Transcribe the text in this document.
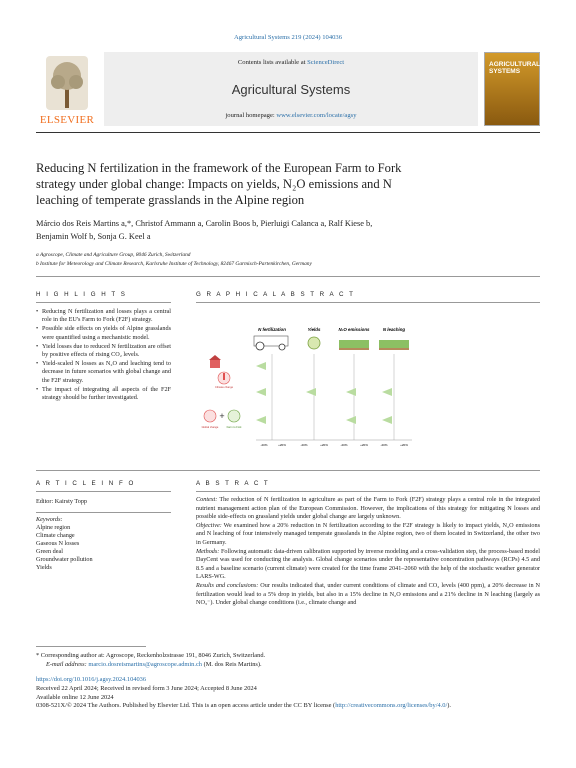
Agricultural Systems 219 (2024) 104036
ELSEVIER
Contents lists available at ScienceDirect
Agricultural Systems
journal homepage: www.elsevier.com/locate/agsy
AGRICULTURAL SYSTEMS
Reducing N fertilization in the framework of the European Farm to Fork
strategy under global change: Impacts on yields, N₂O emissions and N
leaching of temperate grasslands in the Alpine region
Márcio dos Reis Martins a,*, Christof Ammann a, Carolin Boos b, Pierluigi Calanca a, Ralf Kiese b,
Benjamin Wolf b, Sonja G. Keel a
a Agroscope, Climate and Agriculture Group, 8046 Zurich, Switzerland
b Institute for Meteorology and Climate Research, Karlsruhe Institute of Technology, 82467 Garmisch-Partenkirchen, Germany
H I G H L I G H T S
• Reducing N fertilization and losses plays a central role in the EU's Farm to Fork (F2F) strategy.
• Possible side effects on yields of Alpine grasslands were quantified using a mechanistic model.
• Yield losses due to reduced N fertilization are offset by positive effects of rising CO₂ levels.
• Yield-scaled N losses as N₂O and leaching tend to decrease in future scenarios with global change and the F2F strategy.
• The impact of integrating all aspects of the F2F strategy should be further investigated.
G R A P H I C A L A B S T R A C T
N fertilization	Yields	N₂O emissions	N leaching
Climate change
+
Global change	Farm to Fork
-20%	+20%	-20%	+20%	-20%	+20%	-20%	+20%
A R T I C L E I N F O
Editor: Kairsty Topp
Keywords:
Alpine region
Climate change
Gaseous N losses
Green deal
Groundwater pollution
Yields
A B S T R A C T
Context: The reduction of N fertilization in agriculture as part of the Farm to Fork (F2F) strategy plays a central role in the integrated nutrient management action plan of the European Commission. However, the implications of this strategy for mitigating N losses and possible side-effects on grassland yields under global change are largely unknown.
Objective: We examined how a 20% reduction in N fertilization according to the F2F strategy is likely to impact yields, N₂O emissions and N leaching of four intensively managed temperate grasslands in the Alpine region, two of them located in Switzerland, the other two in Germany.
Methods: Following automatic data-driven calibration supported by inverse modeling and a cross-validation step, the process-based model DayCent was used for conducting the analysis. Global change scenarios under the representative concentration pathways (RCPs) 4.5 and 8.5 and a baseline scenario (current climate) were created for the time frame 2041–2060 with the help of the stochastic weather generator LARS-WG.
Results and conclusions: Our results indicated that, under current conditions of climate and CO₂ levels (400 ppm), a 20% decrease in N fertilization would lead to a 5% drop in yields, but also in a 15% decline in N₂O emissions and a 21% decline in N leaching (largely as NO₃⁻). Under global change conditions (i.e., climate change and
* Corresponding author at: Agroscope, Reckenholzstrasse 191, 8046 Zurich, Switzerland.
E-mail address: marcio.dosreismartins@agroscope.admin.ch (M. dos Reis Martins).
https://doi.org/10.1016/j.agsy.2024.104036
Received 22 April 2024; Received in revised form 3 June 2024; Accepted 8 June 2024
Available online 12 June 2024
0308-521X/© 2024 The Authors. Published by Elsevier Ltd. This is an open access article under the CC BY license (http://creativecommons.org/licenses/by/4.0/).
